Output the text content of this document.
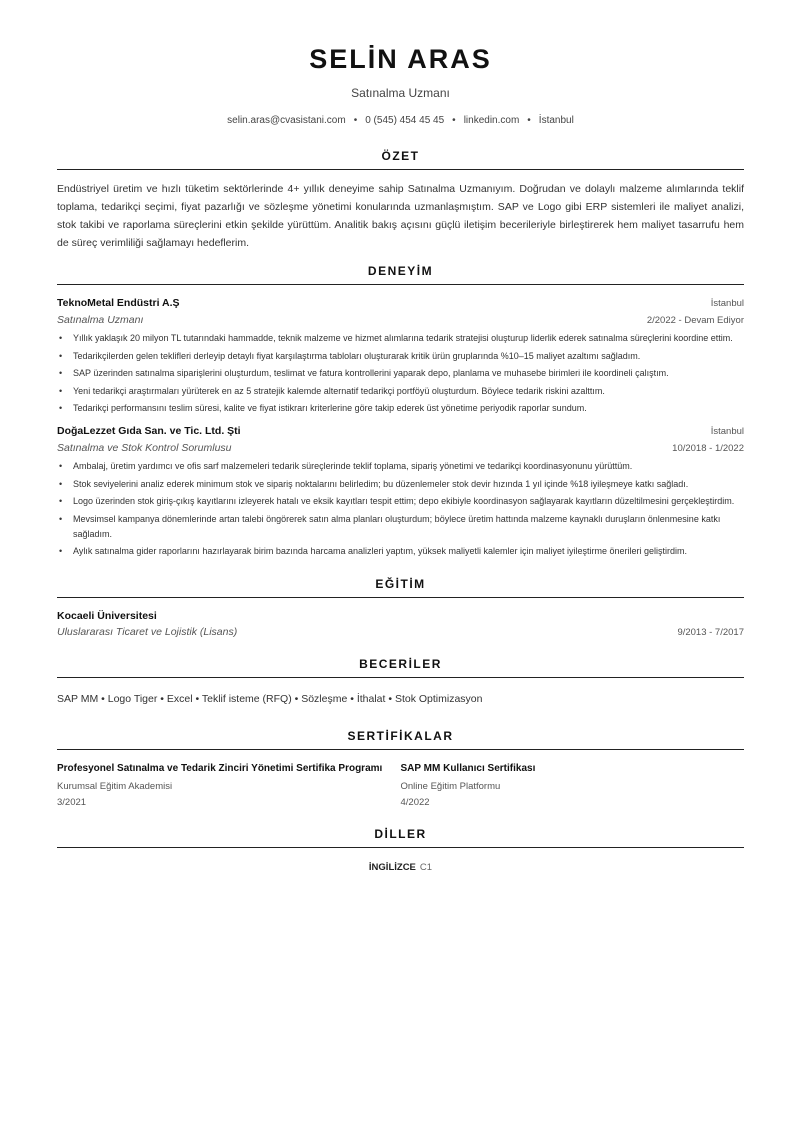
SELİN ARAS
Satınalma Uzmanı
selin.aras@cvasistani.com • 0 (545) 454 45 45 • linkedin.com • İstanbul
ÖZET
Endüstriyel üretim ve hızlı tüketim sektörlerinde 4+ yıllık deneyime sahip Satınalma Uzmanıyım. Doğrudan ve dolaylı malzeme alımlarında teklif toplama, tedarikçi seçimi, fiyat pazarlığı ve sözleşme yönetimi konularında uzmanlaşmıştım. SAP ve Logo gibi ERP sistemleri ile maliyet analizi, stok takibi ve raporlama süreçlerini etkin şekilde yürüttüm. Analitik bakış açısını güçlü iletişim becerileriyle birleştirerek hem maliyet tasarrufu hem de süreç verimliliği sağlamayı hedeflerim.
DENEYİM
TeknoMetal Endüstri A.Ş	İstanbul
Satınalma Uzmanı	2/2022 - Devam Ediyor
• Yıllık yaklaşık 20 milyon TL tutarındaki hammadde, teknik malzeme ve hizmet alımlarına tedarik stratejisi oluşturup liderlik ederek satınalma süreçlerini koordine ettim.
• Tedarikçilerden gelen teklifleri derleyip detaylı fiyat karşılaştırma tabloları oluşturarak kritik ürün gruplarında %10–15 maliyet azaltımı sağladım.
• SAP üzerinden satınalma siparişlerini oluşturdum, teslimat ve fatura kontrollerini yaparak depo, planlama ve muhasebe birimleri ile koordineli çalıştım.
• Yeni tedarikçi araştırmaları yürüterek en az 5 stratejik kalemde alternatif tedarikçi portföyü oluşturdum. Böylece tedarik riskini azalttım.
• Tedarikçi performansını teslim süresi, kalite ve fiyat istikrarı kriterlerine göre takip ederek üst yönetime periyodik raporlar sundum.
DoğaLezzet Gıda San. ve Tic. Ltd. Şti	İstanbul
Satınalma ve Stok Kontrol Sorumlusu	10/2018 - 1/2022
• Ambalaj, üretim yardımcı ve ofis sarf malzemeleri tedarik süreçlerinde teklif toplama, sipariş yönetimi ve tedarikçi koordinasyonunu yürüttüm.
• Stok seviyelerini analiz ederek minimum stok ve sipariş noktalarını belirledim; bu düzenlemeler stok devir hızında 1 yıl içinde %18 iyileşmeye katkı sağladı.
• Logo üzerinden stok giriş-çıkış kayıtlarını izleyerek hatalı ve eksik kayıtları tespit ettim; depo ekibiyle koordinasyon sağlayarak kayıtların düzeltilmesini gerçekleştirdim.
• Mevsimsel kampanya dönemlerinde artan talebi öngörerek satın alma planları oluşturdum; böylece üretim hattında malzeme kaynaklı duruşların önlenmesine katkı sağladım.
• Aylık satınalma gider raporlarını hazırlayarak birim bazında harcama analizleri yaptım, yüksek maliyetli kalemler için maliyet iyileştirme önerileri geliştirdim.
EĞİTİM
Kocaeli Üniversitesi
Uluslararası Ticaret ve Lojistik (Lisans)	9/2013 - 7/2017
BECERİLER
SAP MM • Logo Tiger • Excel • Teklif isteme (RFQ) • Sözleşme • İthalat • Stok Optimizasyon
SERTİFİKALAR
Profesyonel Satınalma ve Tedarik Zinciri Yönetimi Sertifika Programı
Kurumsal Eğitim Akademisi
3/2021
SAP MM Kullanıcı Sertifikası
Online Eğitim Platformu
4/2022
DİLLER
İNGİLİZCE C1
